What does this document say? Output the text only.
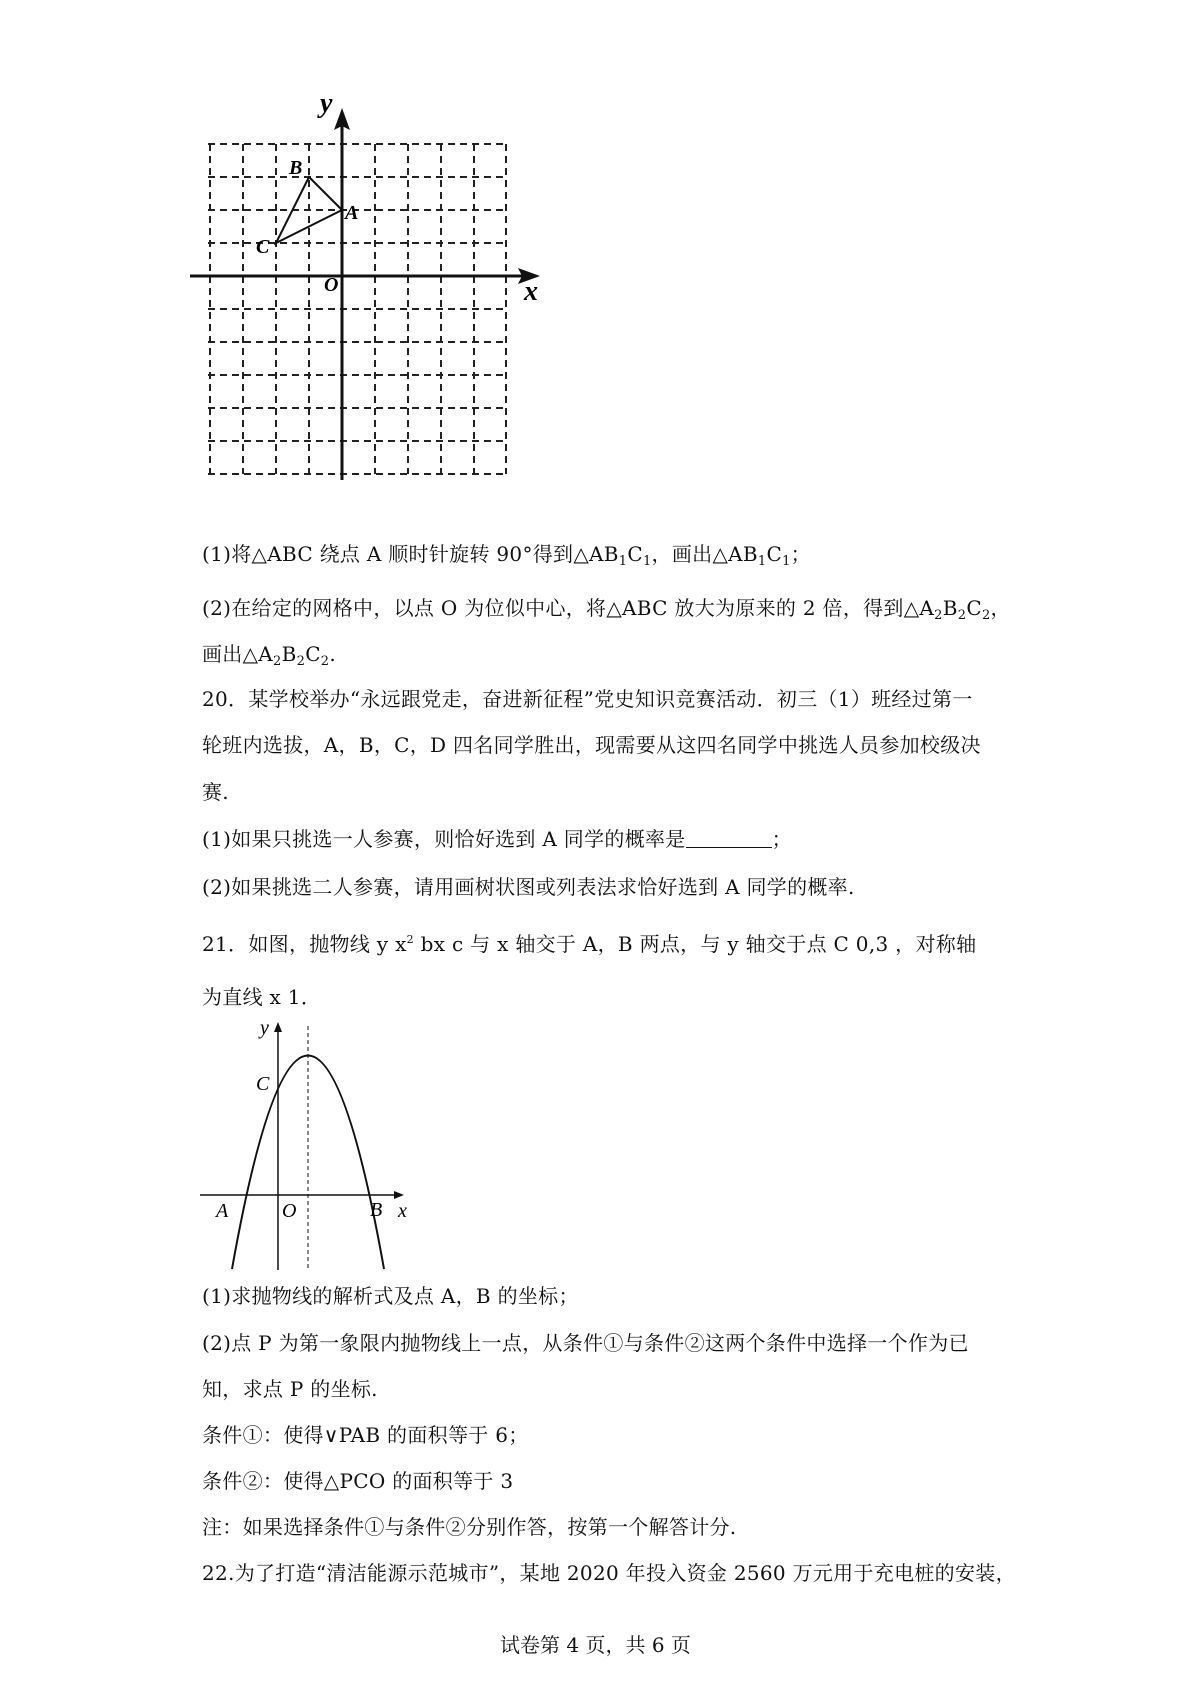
y
x
O
A
B
C
(1)将△ABC 绕点 A 顺时针旋转 90°得到$\triangle AB_1C_1$，画出$\triangle AB_1C_1$；
(2)在给定的网格中，以点 O 为位似中心，将△ABC 放大为原来的 2 倍，得到$\triangle A_2B_2C_2$，
画出$\triangle A_2B_2C_2$.
20．某学校举办“永远跟党走，奋进新征程”党史知识竞赛活动．初三（1）班经过第一
轮班内选拔，A，B，C，D 四名同学胜出，现需要从这四名同学中挑选人员参加校级决
赛.
(1)如果只挑选一人参赛，则恰好选到 A 同学的概率是	；
(2)如果挑选二人参赛，请用画树状图或列表法求恰好选到 A 同学的概率.
21．如图，抛物线 y $x^2$ bx c 与 x 轴交于 A，B 两点，与 y 轴交于点 C 0,3 ，对称轴
为直线 x 1．
y
x
O
A	B
C
(1)求抛物线的解析式及点 A，B 的坐标；
(2)点 P 为第一象限内抛物线上一点，从条件①与条件②这两个条件中选择一个作为已
知，求点 P 的坐标.
条件①：使得∨PAB 的面积等于 6；
条件②：使得△PCO 的面积等于 3
注：如果选择条件①与条件②分别作答，按第一个解答计分.
22.为了打造“清洁能源示范城市”，某地 2020 年投入资金 2560 万元用于充电桩的安装，
试卷第 4 页，共 6 页
